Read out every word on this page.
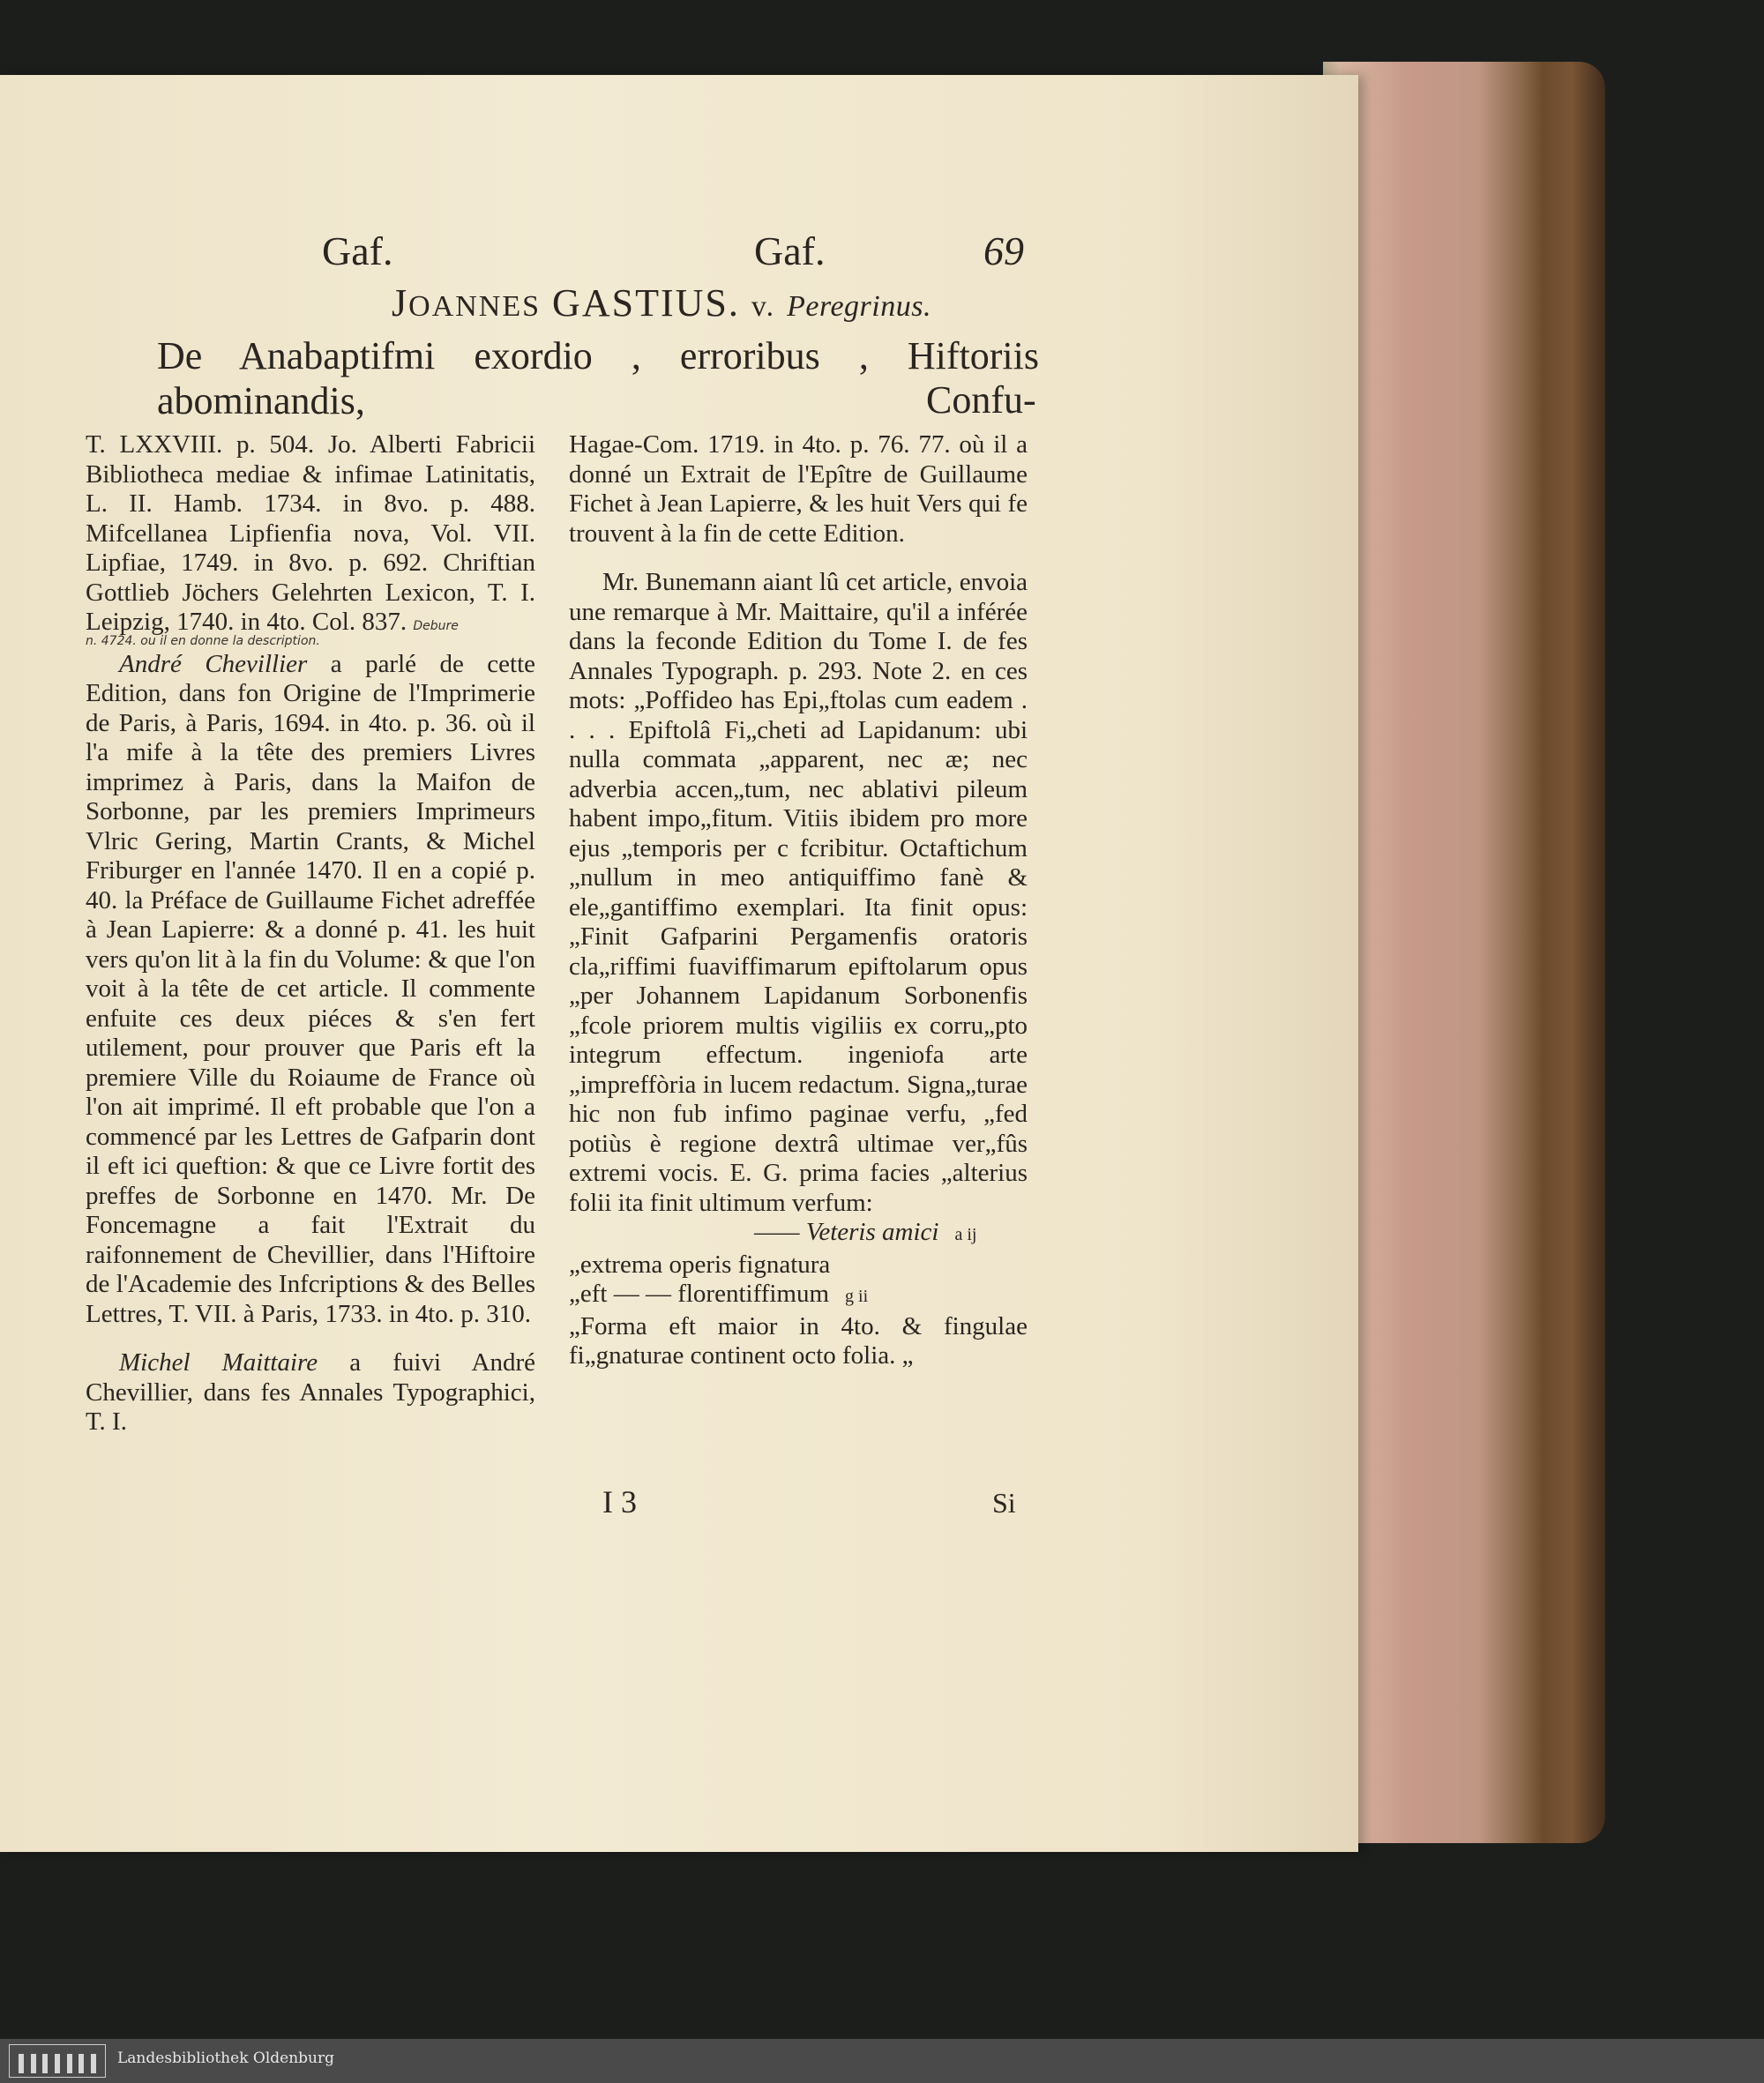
Gaf.	Gaf.	69
JOANNES GASTIUS. v. Peregrinus.
De Anabaptifmi exordio , erroribus , Hiftoriis abominandis,	Confu-

T. LXXVIII. p. 504. Jo. Alberti Fabricii Bibliotheca mediae & infimae Latinitatis, L. II. Hamb. 1734. in 8vo. p. 488. Mifcellanea Lipfienfia nova, Vol. VII. Lipfiae, 1749. in 8vo. p. 692. Chriftian Gottlieb Jöchers Gelehrten Lexicon, T. I. Leipzig, 1740. in 4to. Col. 837. Debure

n. 4724. ou il en donne la description.

André Chevillier a parlé de cette Edition, dans fon Origine de l'Imprimerie de Paris, à Paris, 1694. in 4to. p. 36. où il l'a mife à la tête des premiers Livres imprimez à Paris, dans la Maifon de Sorbonne, par les premiers Imprimeurs Vlric Gering, Martin Crants, & Michel Friburger en l'année 1470. Il en a copié p. 40. la Préface de Guillaume Fichet adreffée à Jean Lapierre: & a donné p. 41. les huit vers qu'on lit à la fin du Volume: & que l'on voit à la tête de cet article. Il commente enfuite ces deux piéces & s'en fert utilement, pour prouver que Paris eft la premiere Ville du Roiaume de France où l'on ait imprimé. Il eft probable que l'on a commencé par les Lettres de Gafparin dont il eft ici queftion: & que ce Livre fortit des preffes de Sorbonne en 1470. Mr. De Foncemagne a fait l'Extrait du raifonnement de Chevillier, dans l'Hiftoire de l'Academie des Infcriptions & des Belles Lettres, T. VII. à Paris, 1733. in 4to. p. 310.

Michel Maittaire a fuivi André Chevillier, dans fes Annales Typographici, T. I.

Hagae-Com. 1719. in 4to. p. 76. 77. où il a donné un Extrait de l'Epître de Guillaume Fichet à Jean Lapierre, & les huit Vers qui fe trouvent à la fin de cette Edition.

Mr. Bunemann aiant lû cet article, envoia une remarque à Mr. Maittaire, qu'il a inférée dans la feconde Edition du Tome I. de fes Annales Typograph. p. 293. Note 2. en ces mots: „Poffideo has Epi„ftolas cum eadem . . . . Epiftolâ Fi„cheti ad Lapidanum: ubi nulla commata „apparent, nec æ; nec adverbia accen„tum, nec ablativi pileum habent impo„fitum. Vitiis ibidem pro more ejus „temporis per c fcribitur. Octaftichum „nullum in meo antiquiffimo fanè & ele„gantiffimo exemplari. Ita finit opus: „Finit Gafparini Pergamenfis oratoris cla„riffimi fuaviffimarum epiftolarum opus „per Johannem Lapidanum Sorbonenfis „fcole priorem multis vigiliis ex corru„pto integrum effectum. ingeniofa arte „impreffòria in lucem redactum. Signa„turae hic non fub infimo paginae verfu, „fed potiùs è regione dextrâ ultimae ver„fûs extremi vocis. E. G. prima facies „alterius folii ita finit ultimum verfum:

—— Veteris amici a ij
„extrema operis fignatura
„eft — — florentiffimum g ii

„Forma eft maior in 4to. & fingulae fi„gnaturae continent octo folia. „

I 3	Si
Landesbibliothek Oldenburg
